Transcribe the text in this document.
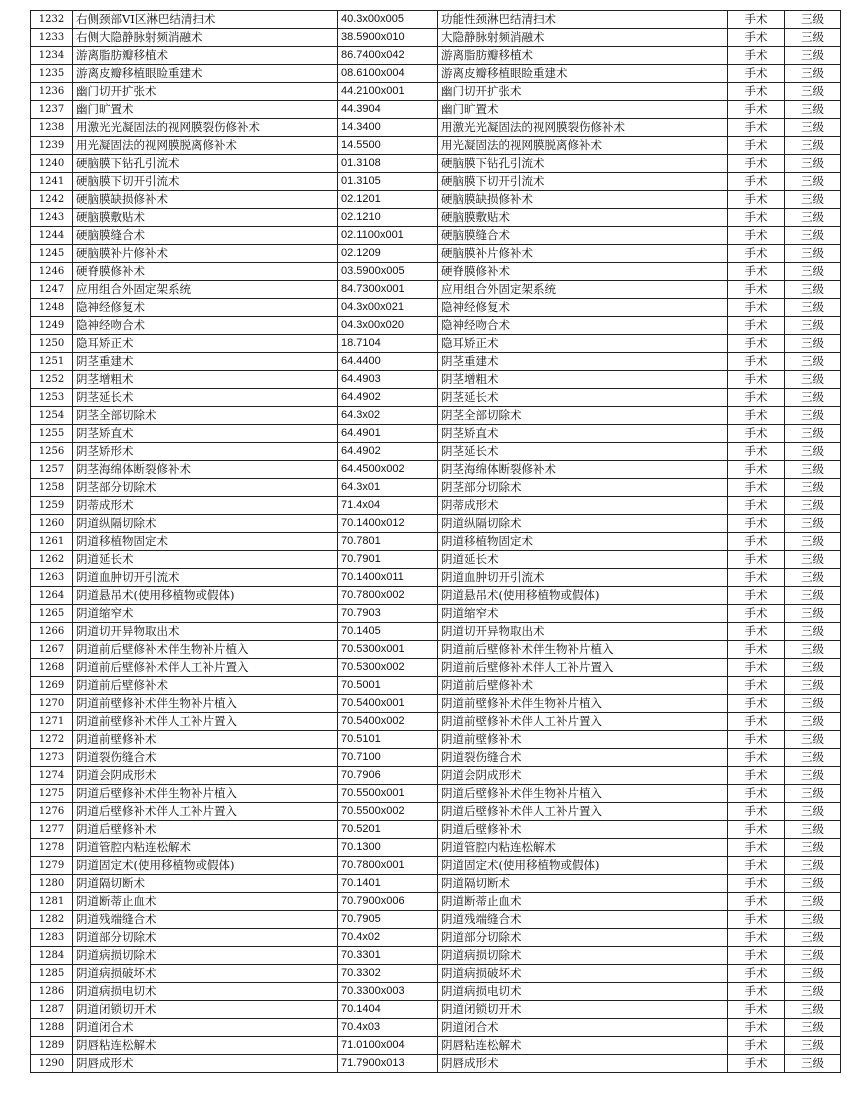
1232	右侧颈部VI区淋巴结清扫术	40.3x00x005	功能性颈淋巴结清扫术	手术	三级
1233	右侧大隐静脉射频消融术	38.5900x010	大隐静脉射频消融术	手术	三级
1234	游离脂肪瓣移植术	86.7400x042	游离脂肪瓣移植术	手术	三级
1235	游离皮瓣移植眼睑重建术	08.6100x004	游离皮瓣移植眼睑重建术	手术	三级
1236	幽门切开扩张术	44.2100x001	幽门切开扩张术	手术	三级
1237	幽门旷置术	44.3904	幽门旷置术	手术	三级
1238	用激光光凝固法的视网膜裂伤修补术	14.3400	用激光光凝固法的视网膜裂伤修补术	手术	三级
1239	用光凝固法的视网膜脱离修补术	14.5500	用光凝固法的视网膜脱离修补术	手术	三级
1240	硬脑膜下钻孔引流术	01.3108	硬脑膜下钻孔引流术	手术	三级
1241	硬脑膜下切开引流术	01.3105	硬脑膜下切开引流术	手术	三级
1242	硬脑膜缺损修补术	02.1201	硬脑膜缺损修补术	手术	三级
1243	硬脑膜敷贴术	02.1210	硬脑膜敷贴术	手术	三级
1244	硬脑膜缝合术	02.1100x001	硬脑膜缝合术	手术	三级
1245	硬脑膜补片修补术	02.1209	硬脑膜补片修补术	手术	三级
1246	硬脊膜修补术	03.5900x005	硬脊膜修补术	手术	三级
1247	应用组合外固定架系统	84.7300x001	应用组合外固定架系统	手术	三级
1248	隐神经修复术	04.3x00x021	隐神经修复术	手术	三级
1249	隐神经吻合术	04.3x00x020	隐神经吻合术	手术	三级
1250	隐耳矫正术	18.7104	隐耳矫正术	手术	三级
1251	阴茎重建术	64.4400	阴茎重建术	手术	三级
1252	阴茎增粗术	64.4903	阴茎增粗术	手术	三级
1253	阴茎延长术	64.4902	阴茎延长术	手术	三级
1254	阴茎全部切除术	64.3x02	阴茎全部切除术	手术	三级
1255	阴茎矫直术	64.4901	阴茎矫直术	手术	三级
1256	阴茎矫形术	64.4902	阴茎延长术	手术	三级
1257	阴茎海绵体断裂修补术	64.4500x002	阴茎海绵体断裂修补术	手术	三级
1258	阴茎部分切除术	64.3x01	阴茎部分切除术	手术	三级
1259	阴蒂成形术	71.4x04	阴蒂成形术	手术	三级
1260	阴道纵隔切除术	70.1400x012	阴道纵隔切除术	手术	三级
1261	阴道移植物固定术	70.7801	阴道移植物固定术	手术	三级
1262	阴道延长术	70.7901	阴道延长术	手术	三级
1263	阴道血肿切开引流术	70.1400x011	阴道血肿切开引流术	手术	三级
1264	阴道悬吊术(使用移植物或假体)	70.7800x002	阴道悬吊术(使用移植物或假体)	手术	三级
1265	阴道缩窄术	70.7903	阴道缩窄术	手术	三级
1266	阴道切开异物取出术	70.1405	阴道切开异物取出术	手术	三级
1267	阴道前后壁修补术伴生物补片植入	70.5300x001	阴道前后壁修补术伴生物补片植入	手术	三级
1268	阴道前后壁修补术伴人工补片置入	70.5300x002	阴道前后壁修补术伴人工补片置入	手术	三级
1269	阴道前后壁修补术	70.5001	阴道前后壁修补术	手术	三级
1270	阴道前壁修补术伴生物补片植入	70.5400x001	阴道前壁修补术伴生物补片植入	手术	三级
1271	阴道前壁修补术伴人工补片置入	70.5400x002	阴道前壁修补术伴人工补片置入	手术	三级
1272	阴道前壁修补术	70.5101	阴道前壁修补术	手术	三级
1273	阴道裂伤缝合术	70.7100	阴道裂伤缝合术	手术	三级
1274	阴道会阴成形术	70.7906	阴道会阴成形术	手术	三级
1275	阴道后壁修补术伴生物补片植入	70.5500x001	阴道后壁修补术伴生物补片植入	手术	三级
1276	阴道后壁修补术伴人工补片置入	70.5500x002	阴道后壁修补术伴人工补片置入	手术	三级
1277	阴道后壁修补术	70.5201	阴道后壁修补术	手术	三级
1278	阴道管腔内粘连松解术	70.1300	阴道管腔内粘连松解术	手术	三级
1279	阴道固定术(使用移植物或假体)	70.7800x001	阴道固定术(使用移植物或假体)	手术	三级
1280	阴道隔切断术	70.1401	阴道隔切断术	手术	三级
1281	阴道断蒂止血术	70.7900x006	阴道断蒂止血术	手术	三级
1282	阴道残端缝合术	70.7905	阴道残端缝合术	手术	三级
1283	阴道部分切除术	70.4x02	阴道部分切除术	手术	三级
1284	阴道病损切除术	70.3301	阴道病损切除术	手术	三级
1285	阴道病损破坏术	70.3302	阴道病损破坏术	手术	三级
1286	阴道病损电切术	70.3300x003	阴道病损电切术	手术	三级
1287	阴道闭锁切开术	70.1404	阴道闭锁切开术	手术	三级
1288	阴道闭合术	70.4x03	阴道闭合术	手术	三级
1289	阴唇粘连松解术	71.0100x004	阴唇粘连松解术	手术	三级
1290	阴唇成形术	71.7900x013	阴唇成形术	手术	三级
